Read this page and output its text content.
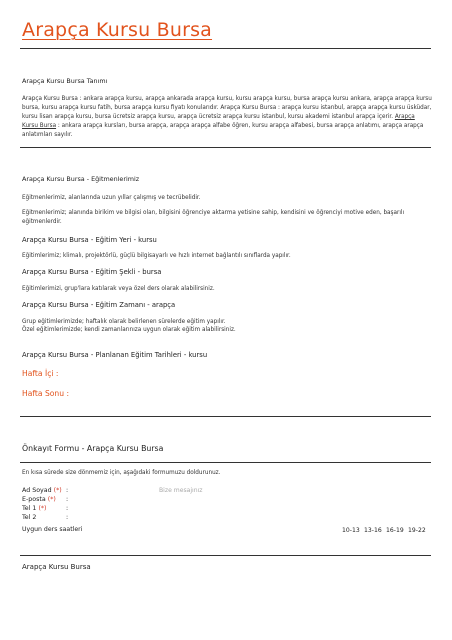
Arapça Kursu Bursa
Arapça Kursu Bursa Tanımı
Arapça Kursu Bursa : ankara arapça kursu, arapça ankarada arapça kursu, kursu arapça kursu, bursa arapça kursu ankara, arapça arapça kursu bursa, kursu arapça kursu fatih, bursa arapça kursu fiyatı konularıdır. Arapça Kursu Bursa : arapça kursu istanbul, arapça arapça kursu üsküdar, kursu lisan arapça kursu, bursa ücretsiz arapça kursu, arapça ücretsiz arapça kursu istanbul, kursu akademi istanbul arapça içerir. Arapça Kursu Bursa : ankara arapça kursları, bursa arapça, arapça arapça alfabe öğren, kursu arapça alfabesi, bursa arapça anlatımı, arapça arapça anlatımları sayılır.
Arapça Kursu Bursa - Eğitmenlerimiz
Eğitmenlerimiz, alanlarında uzun yıllar çalışmış ve tecrübelidir.
Eğitmenlerimiz; alanında birikim ve bilgisi olan, bilgisini öğrenciye aktarma yetisine sahip, kendisini ve öğrenciyi motive eden, başarılı eğitmenlerdir.
Arapça Kursu Bursa - Eğitim Yeri - kursu
Eğitimlerimiz; klimalı, projektörlü, güçlü bilgisayarlı ve hızlı internet bağlantılı sınıflarda yapılır.
Arapça Kursu Bursa - Eğitim Şekli - bursa
Eğitimlerimizi, grup'lara katılarak veya özel ders olarak alabilirsiniz.
Arapça Kursu Bursa - Eğitim Zamanı - arapça
Grup eğitimlerimizde; haftalık olarak belirlenen sürelerde eğitim yapılır.
Özel eğitimlerimizde; kendi zamanlarınıza uygun olarak eğitim alabilirsiniz.
Arapça Kursu Bursa - Planlanan Eğitim Tarihleri - kursu
Hafta İçi :
Hafta Sonu :
Önkayıt Formu - Arapça Kursu Bursa
En kısa sürede size dönmemiz için, aşağıdaki formumuzu doldurunuz.
Ad Soyad (*) :
E-posta (*) :
Tel 1 (*)	:
Tel 2	:
Bize mesajınız
Uygun ders saatleri	10-13 13-16 16-19 19-22
Arapça Kursu Bursa
